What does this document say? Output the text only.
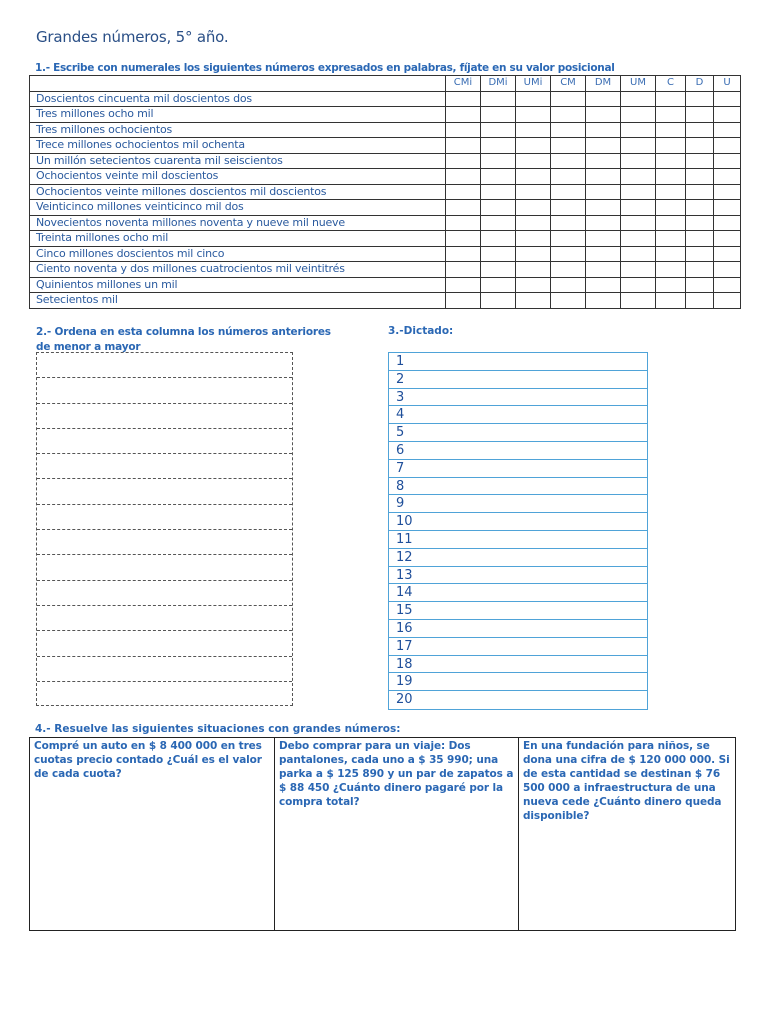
Grandes números, 5° año.
1.- Escribe con numerales los siguientes números expresados en palabras, fíjate en su valor posicional
	CMi	DMi	UMi	CM	DM	UM	C	D	U
Doscientos cincuenta mil doscientos dos									
Tres millones ocho mil									
Tres millones ochocientos									
Trece millones ochocientos mil ochenta									
Un millón setecientos cuarenta mil seiscientos									
Ochocientos veinte mil doscientos									
Ochocientos veinte millones doscientos mil doscientos									
Veinticinco millones veinticinco mil dos									
Novecientos noventa millones noventa y nueve mil nueve									
Treinta millones ocho mil									
Cinco millones doscientos mil cinco									
Ciento noventa y dos millones cuatrocientos mil veintitrés									
Quinientos millones un mil									
Setecientos mil									
2.- Ordena en esta columna los números anteriores
de menor a mayor
3.-Dictado:
1
2
3
4
5
6
7
8
9
10
11
12
13
14
15
16
17
18
19
20
4.- Resuelve las siguientes situaciones con grandes números:
Compré un auto en $ 8 400 000 en tres cuotas precio contado ¿Cuál es el valor de cada cuota?	Debo comprar para un viaje: Dos pantalones, cada uno a $ 35 990; una parka a $ 125 890 y un par de zapatos a $ 88 450 ¿Cuánto dinero pagaré por la compra total?	En una fundación para niños, se dona una cifra de $ 120 000 000. Si de esta cantidad se destinan $ 76 500 000 a infraestructura de una nueva cede ¿Cuánto dinero queda disponible?
